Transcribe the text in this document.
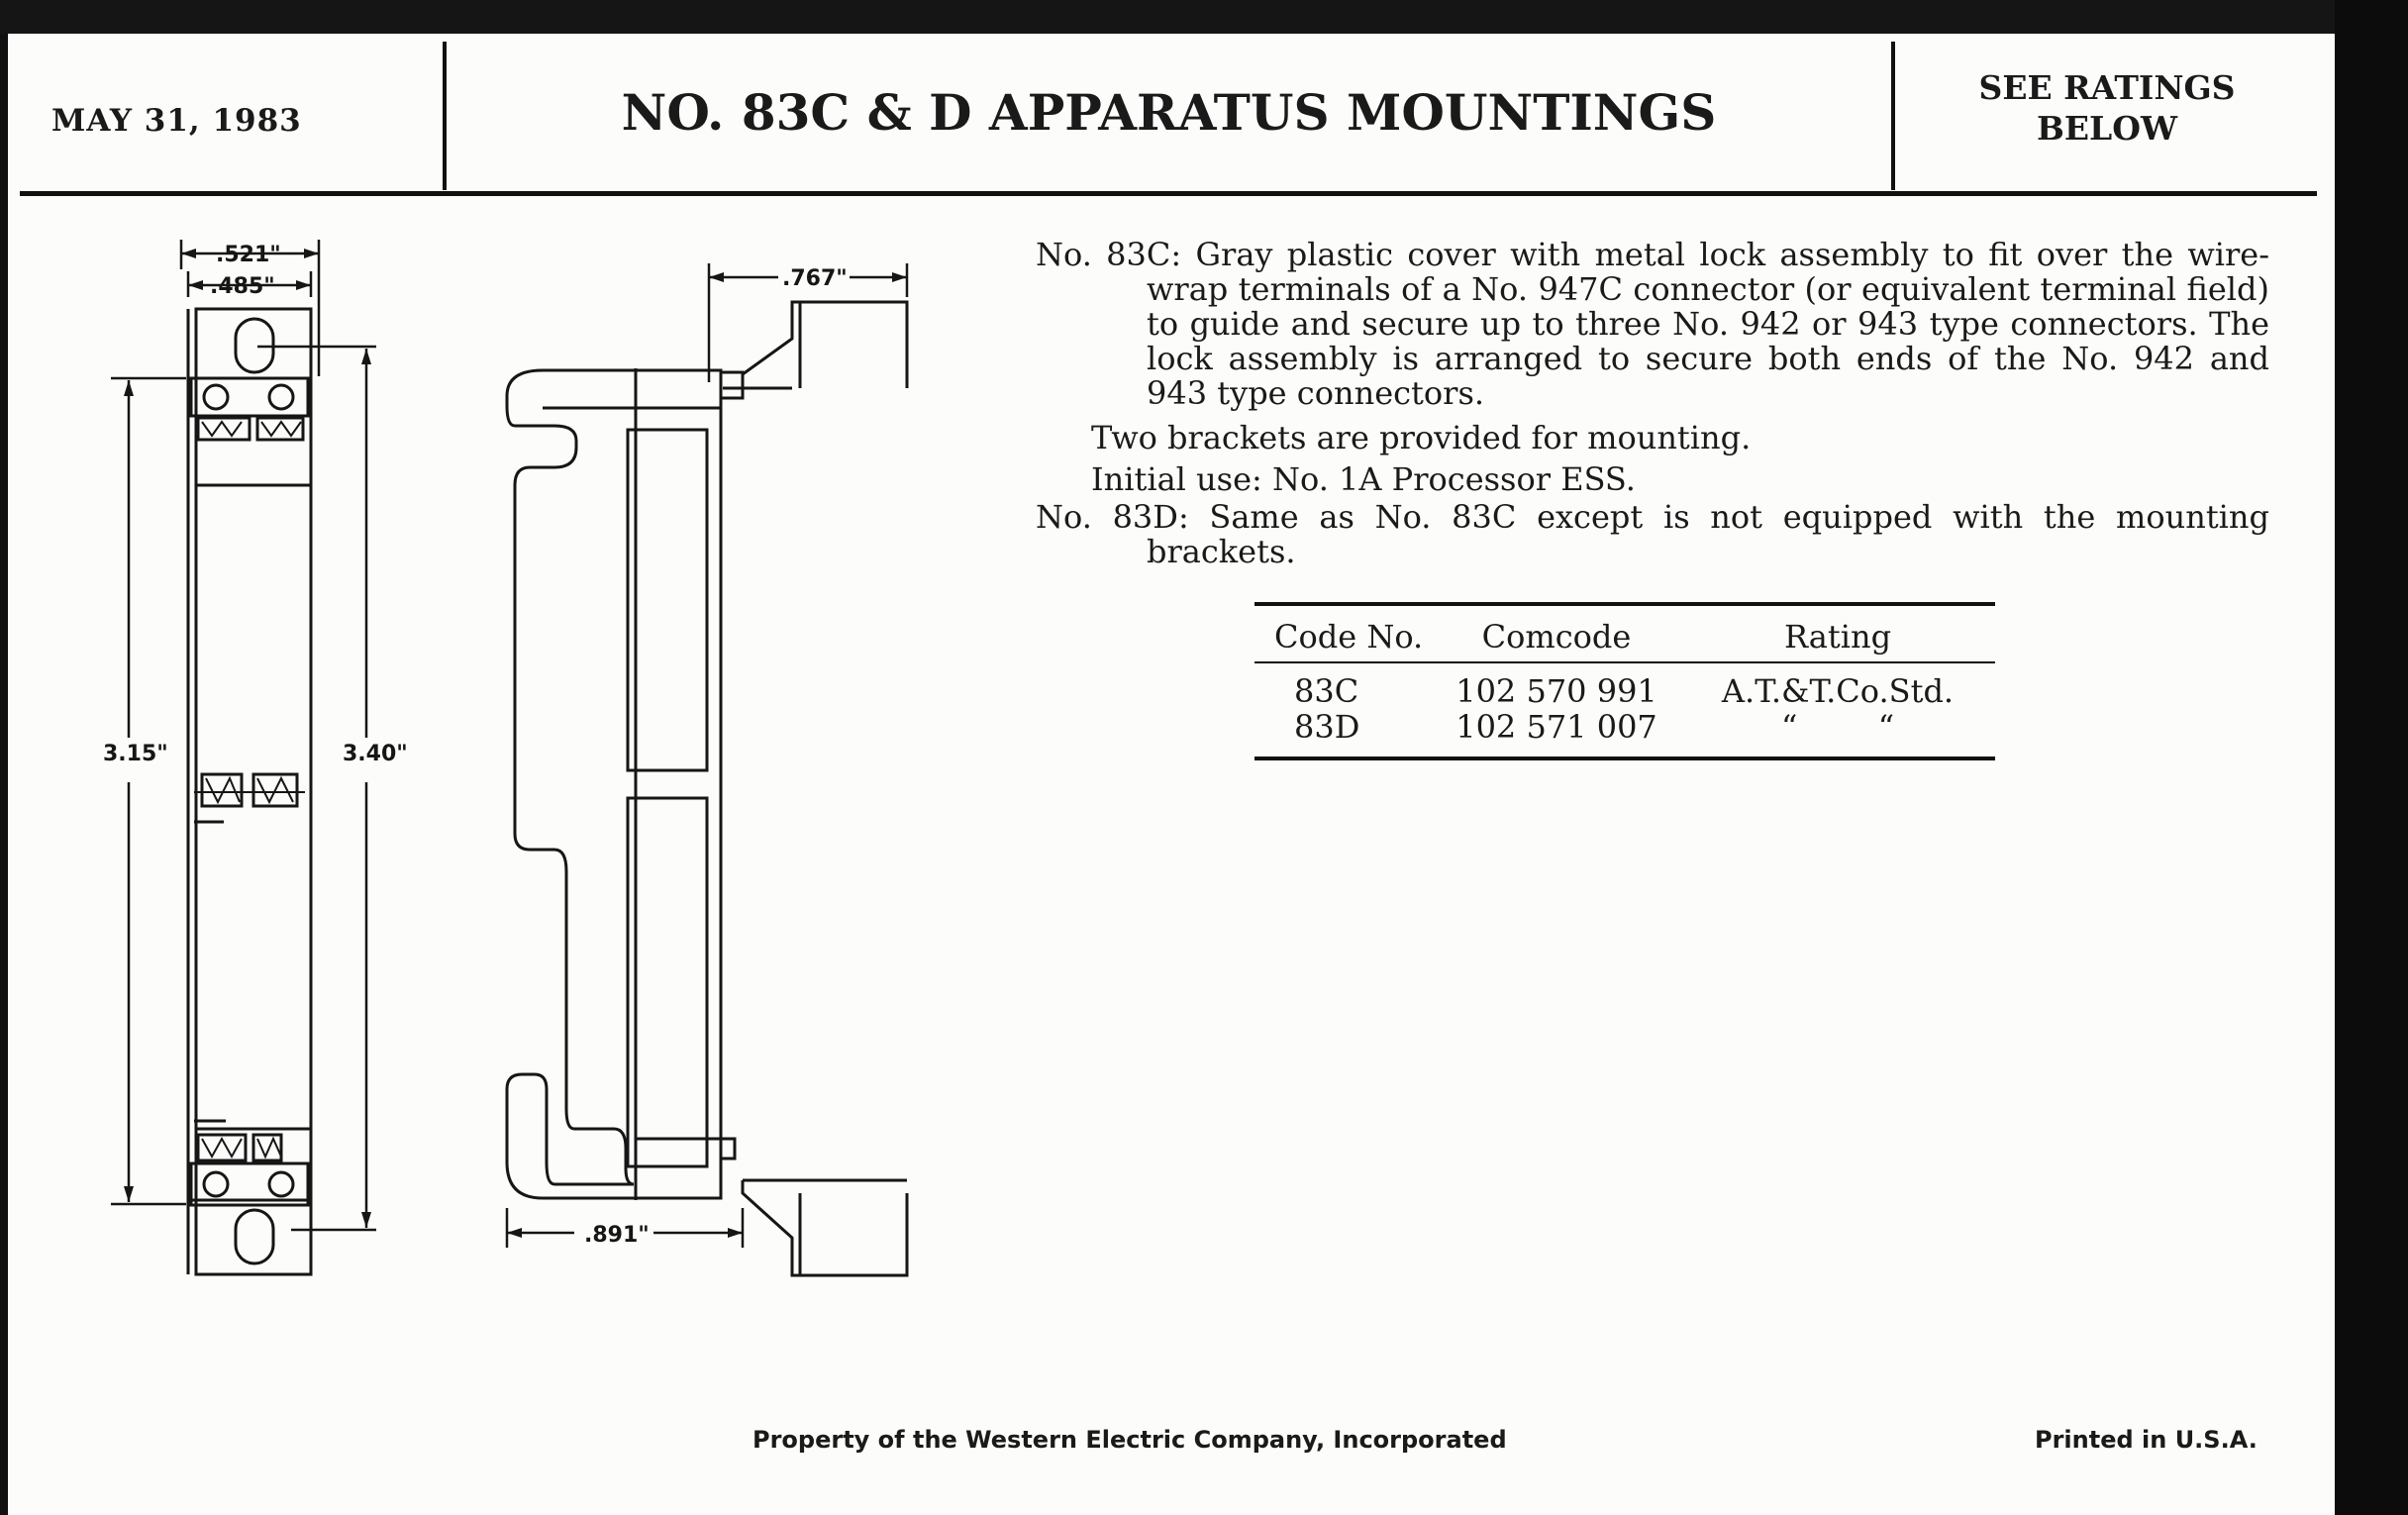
MAY 31, 1983	NO. 83C & D APPARATUS MOUNTINGS	SEE RATINGS
BELOW
.521"
.485"
3.15"	3.40"
.767"
.891"

No. 83C: Gray plastic cover with metal lock assembly to fit over the wire-wrap terminals of a No. 947C connector (or equivalent terminal field) to guide and secure up to three No. 942 or 943 type connectors. The lock assembly is arranged to secure both ends of the No. 942 and 943 type connectors.

Two brackets are provided for mounting.

Initial use: No. 1A Processor ESS.

No. 83D: Same as No. 83C except is not equipped with the mounting brackets.

Code No.	Comcode	Rating
83C	102 570 991	A.T.&T.Co.Std.
83D	102 571 007	“        “
Property of the Western Electric Company, Incorporated	Printed in U.S.A.
